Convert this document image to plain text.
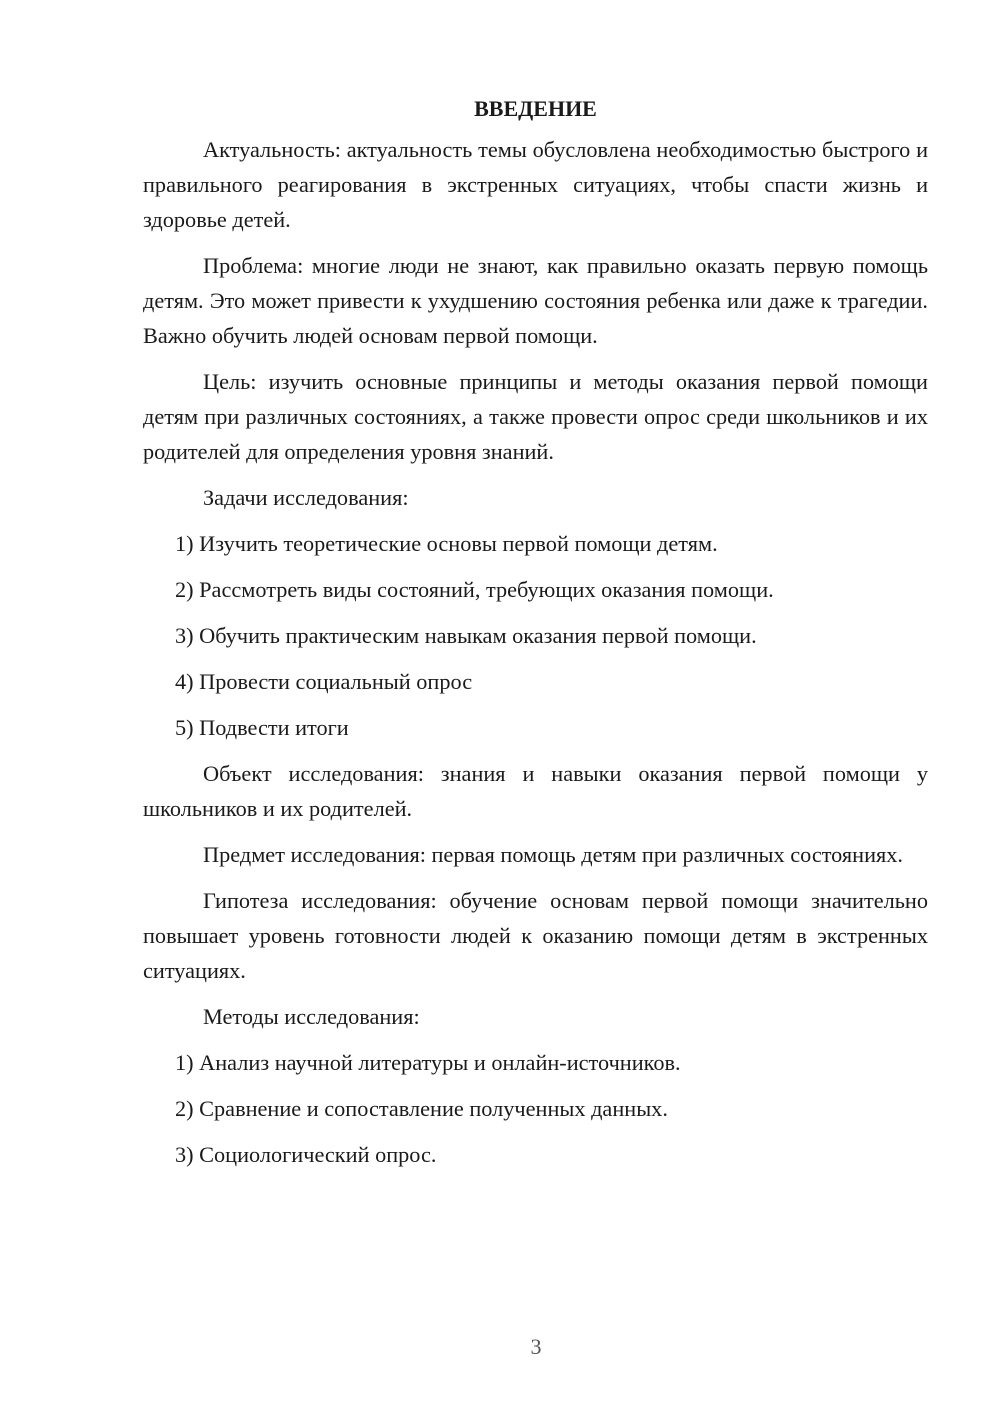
ВВЕДЕНИЕ

Актуальность: актуальность темы обусловлена необходимостью быстрого и правильного реагирования в экстренных ситуациях, чтобы спасти жизнь и здоровье детей.

Проблема: многие люди не знают, как правильно оказать первую помощь детям. Это может привести к ухудшению состояния ребенка или даже к трагедии. Важно обучить людей основам первой помощи.

Цель: изучить основные принципы и методы оказания первой помощи детям при различных состояниях, а также провести опрос среди школьников и их родителей для определения уровня знаний.

Задачи исследования:

1) Изучить теоретические основы первой помощи детям.
2) Рассмотреть виды состояний, требующих оказания помощи.
3) Обучить практическим навыкам оказания первой помощи.
4) Провести социальный опрос
5) Подвести итоги

Объект исследования: знания и навыки оказания первой помощи у школьников и их родителей.

Предмет исследования: первая помощь детям при различных состояниях.

Гипотеза исследования: обучение основам первой помощи значительно повышает уровень готовности людей к оказанию помощи детям в экстренных ситуациях.

Методы исследования:

1) Анализ научной литературы и онлайн-источников.
2) Сравнение и сопоставление полученных данных.
3) Социологический опрос.
3
